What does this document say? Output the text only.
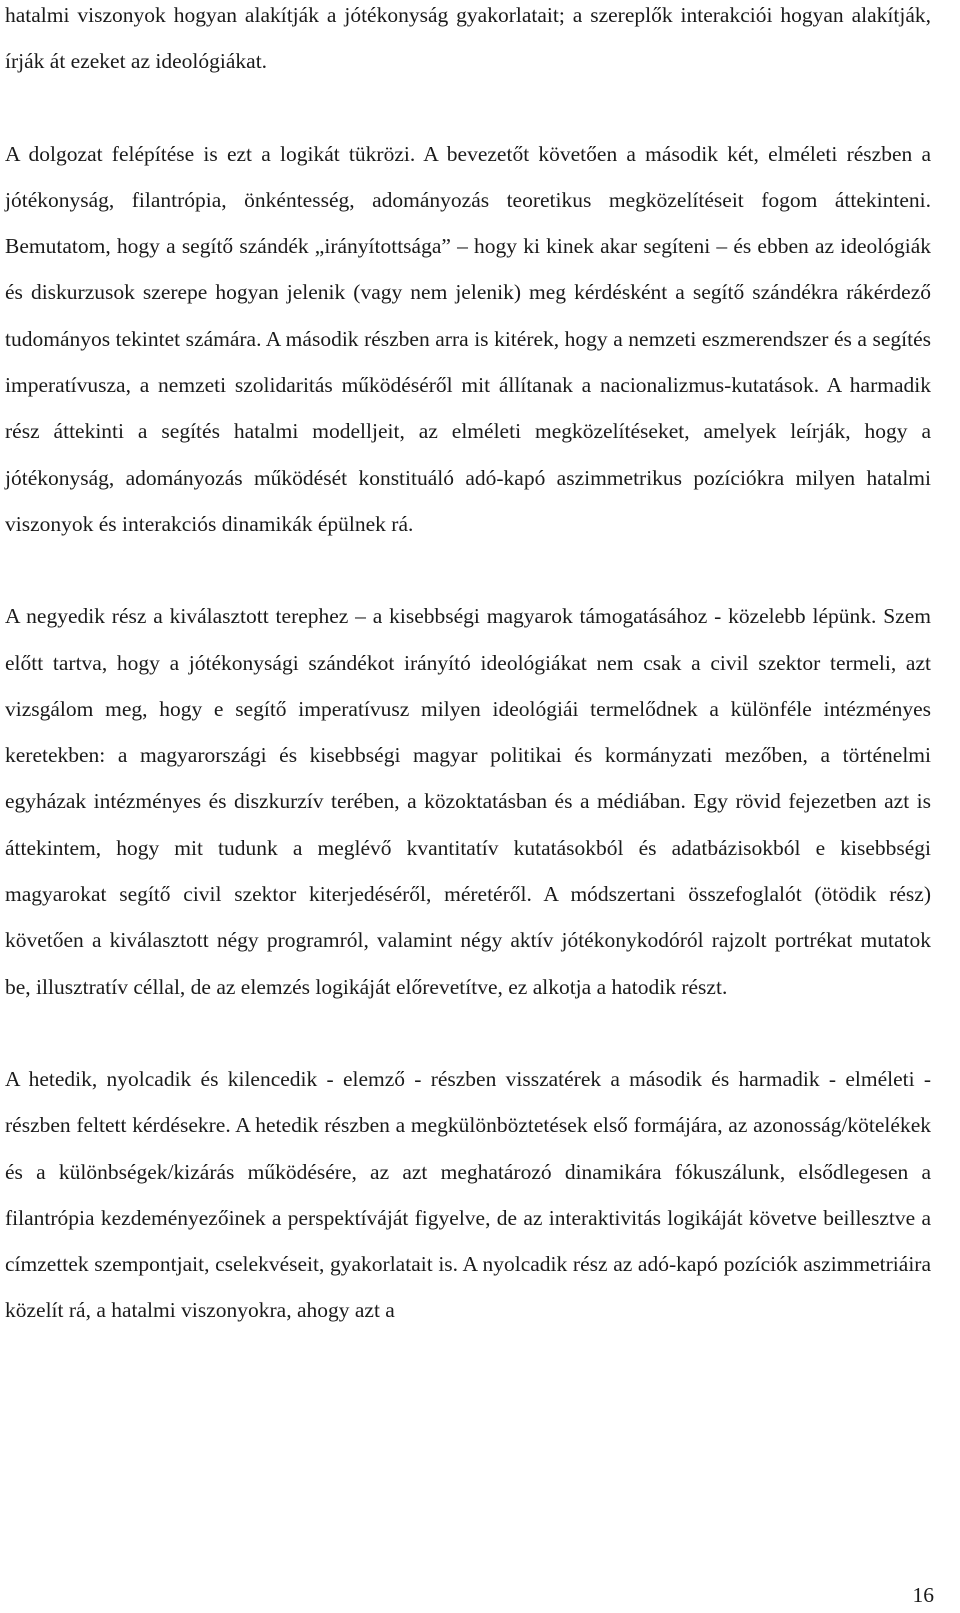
hatalmi viszonyok hogyan alakítják a jótékonyság gyakorlatait; a szereplők interakciói hogyan alakítják, írják át ezeket az ideológiákat.

A dolgozat felépítése is ezt a logikát tükrözi. A bevezetőt követően a második két, elméleti részben a jótékonyság, filantrópia, önkéntesség, adományozás teoretikus megközelítéseit fogom áttekinteni. Bemutatom, hogy a segítő szándék „irányítottsága” – hogy ki kinek akar segíteni – és ebben az ideológiák és diskurzusok szerepe hogyan jelenik (vagy nem jelenik) meg kérdésként a segítő szándékra rákérdező tudományos tekintet számára. A második részben arra is kitérek, hogy a nemzeti eszmerendszer és a segítés imperatívusza, a nemzeti szolidaritás működéséről mit állítanak a nacionalizmus-kutatások. A harmadik rész áttekinti a segítés hatalmi modelljeit, az elméleti megközelítéseket, amelyek leírják, hogy a jótékonyság, adományozás működését konstituáló adó-kapó aszimmetrikus pozíciókra milyen hatalmi viszonyok és interakciós dinamikák épülnek rá.

A negyedik rész a kiválasztott terephez – a kisebbségi magyarok támogatásához - közelebb lépünk. Szem előtt tartva, hogy a jótékonysági szándékot irányító ideológiákat nem csak a civil szektor termeli, azt vizsgálom meg, hogy e segítő imperatívusz milyen ideológiái termelődnek a különféle intézményes keretekben: a magyarországi és kisebbségi magyar politikai és kormányzati mezőben, a történelmi egyházak intézményes és diszkurzív terében, a közoktatásban és a médiában. Egy rövid fejezetben azt is áttekintem, hogy mit tudunk a meglévő kvantitatív kutatásokból és adatbázisokból e kisebbségi magyarokat segítő civil szektor kiterjedéséről, méretéről. A módszertani összefoglalót (ötödik rész) követően a kiválasztott négy programról, valamint négy aktív jótékonykodóról rajzolt portrékat mutatok be, illusztratív céllal, de az elemzés logikáját előrevetítve, ez alkotja a hatodik részt.

A hetedik, nyolcadik és kilencedik - elemző - részben visszatérek a második és harmadik - elméleti - részben feltett kérdésekre. A hetedik részben a megkülönböztetések első formájára, az azonosság/kötelékek és a különbségek/kizárás működésére, az azt meghatározó dinamikára fókuszálunk, elsődlegesen a filantrópia kezdeményezőinek a perspektíváját figyelve, de az interaktivitás logikáját követve beillesztve a címzettek szempontjait, cselekvéseit, gyakorlatait is. A nyolcadik rész az adó-kapó pozíciók aszimmetriáira közelít rá, a hatalmi viszonyokra, ahogy azt a

16
